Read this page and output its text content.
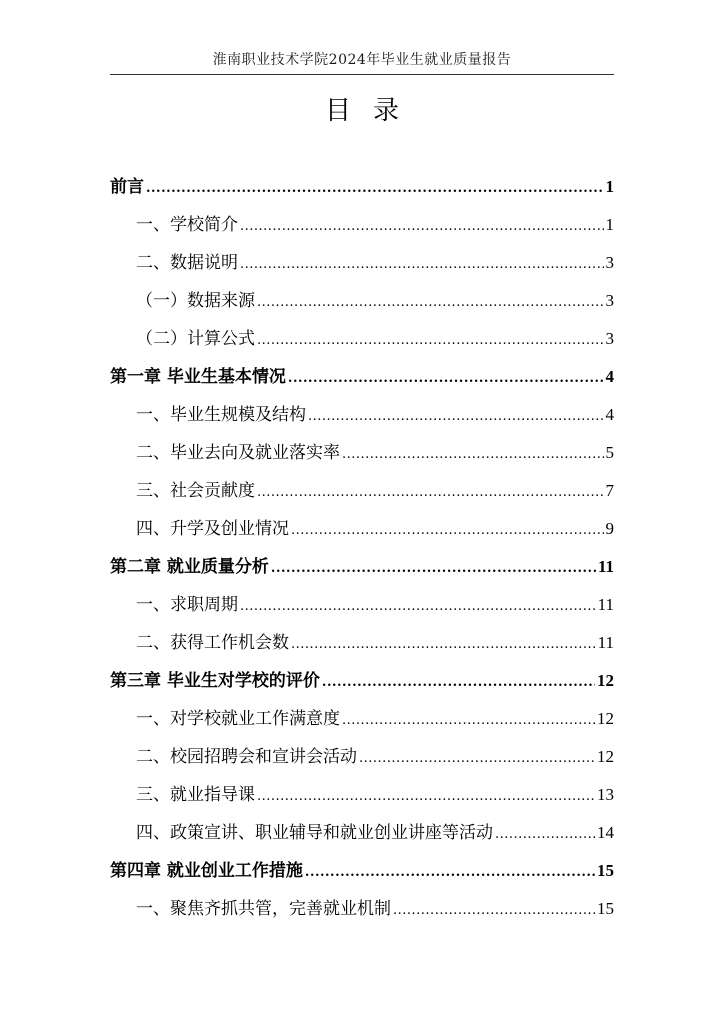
淮南职业技术学院2024年毕业生就业质量报告
目录
前言 .....	1
一、学校简介 .....	1
二、数据说明 .....	3
（一）数据来源 .....	3
（二）计算公式 .....	3
第一章 毕业生基本情况 .....	4
一、毕业生规模及结构 .....	4
二、毕业去向及就业落实率 .....	5
三、社会贡献度 .....	7
四、升学及创业情况 .....	9
第二章 就业质量分析 .....	11
一、求职周期 .....	11
二、获得工作机会数 .....	11
第三章 毕业生对学校的评价 .....	12
一、对学校就业工作满意度 .....	12
二、校园招聘会和宣讲会活动 .....	12
三、就业指导课 .....	13
四、政策宣讲、职业辅导和就业创业讲座等活动 .....	14
第四章 就业创业工作措施 .....	15
一、聚焦齐抓共管，完善就业机制 .....	15
